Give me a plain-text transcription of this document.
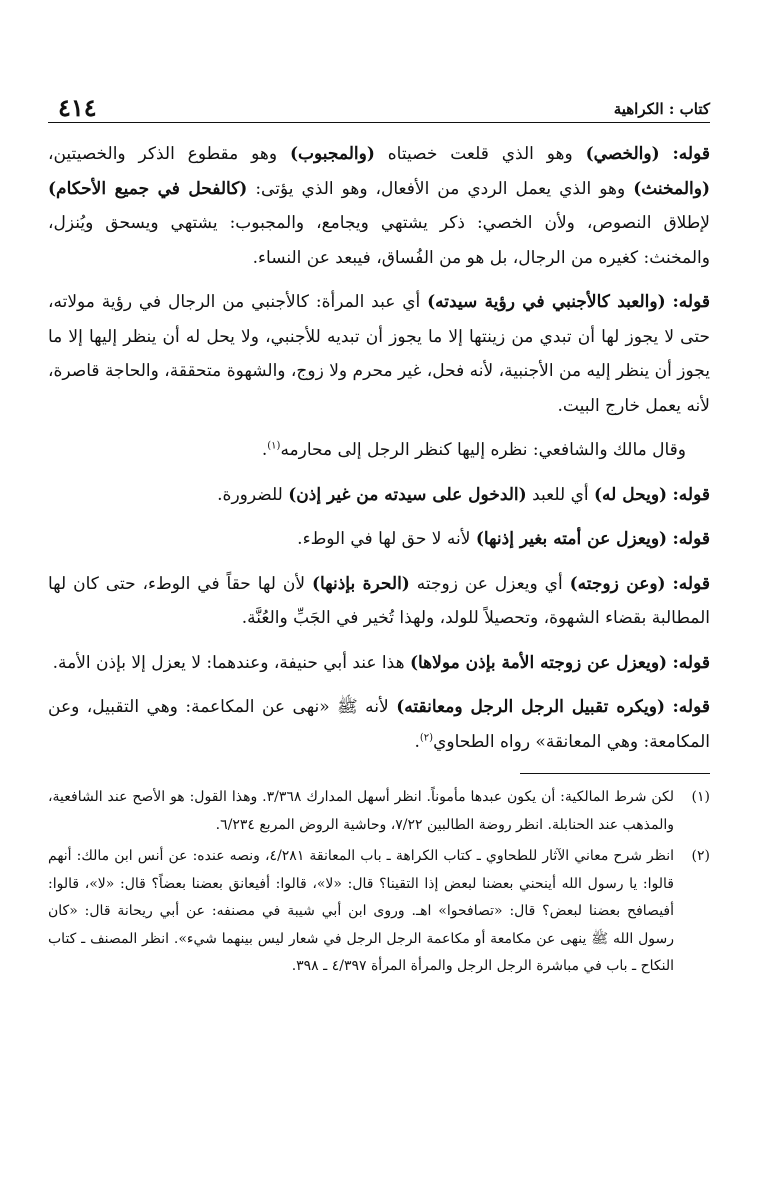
كتاب : الكراهية
٤١٤

قوله: (والخصي) وهو الذي قلعت خصيتاه (والمجبوب) وهو مقطوع الذكر والخصيتين، (والمخنث) وهو الذي يعمل الردي من الأفعال، وهو الذي يؤتى: (كالفحل في جميع الأحكام) لإطلاق النصوص، ولأن الخصي: ذكر يشتهي ويجامع، والمجبوب: يشتهي ويسحق ويُنزل، والمخنث: كغيره من الرجال، بل هو من الفُساق، فيبعد عن النساء.

قوله: (والعبد كالأجنبي في رؤية سيدته) أي عبد المرأة: كالأجنبي من الرجال في رؤية مولاته، حتى لا يجوز لها أن تبدي من زينتها إلا ما يجوز أن تبديه للأجنبي، ولا يحل له أن ينظر إليها إلا ما يجوز أن ينظر إليه من الأجنبية، لأنه فحل، غير محرم ولا زوج، والشهوة متحققة، والحاجة قاصرة، لأنه يعمل خارج البيت.

وقال مالك والشافعي: نظره إليها كنظر الرجل إلى محارمه$^{(١)}$.

قوله: (ويحل له) أي للعبد (الدخول على سيدته من غير إذن) للضرورة.

قوله: (ويعزل عن أمته بغير إذنها) لأنه لا حق لها في الوطء.

قوله: (وعن زوجته) أي ويعزل عن زوجته (الحرة بإذنها) لأن لها حقاً في الوطء، حتى كان لها المطالبة بقضاء الشهوة، وتحصيلاً للولد، ولهذا تُخير في الجَبِّ والعُنَّة.

قوله: (ويعزل عن زوجته الأمة بإذن مولاها) هذا عند أبي حنيفة، وعندهما: لا يعزل إلا بإذن الأمة.

قوله: (ويكره تقبيل الرجل الرجل ومعانقته) لأنه ﷺ «نهى عن المكاعمة: وهي التقبيل، وعن المكامعة: وهي المعانقة» رواه الطحاوي$^{(٢)}$.

(١)
لكن شرط المالكية: أن يكون عبدها مأموناً. انظر أسهل المدارك ٣/٣٦٨. وهذا القول: هو الأصح عند الشافعية، والمذهب عند الحنابلة. انظر روضة الطالبين ٧/٢٢، وحاشية الروض المربع ٦/٢٣٤.
(٢)
انظر شرح معاني الآثار للطحاوي ـ كتاب الكراهة ـ باب المعانقة ٤/٢٨١، ونصه عنده: عن أنس ابن مالك: أنهم قالوا: يا رسول الله أينحني بعضنا لبعض إذا التقينا؟ قال: «لا»، قالوا: أفيعانق بعضنا بعضاً؟ قال: «لا»، قالوا: أفيصافح بعضنا لبعض؟ قال: «تصافحوا» اهـ. وروى ابن أبي شيبة في مصنفه: عن أبي ريحانة قال: «كان رسول الله ﷺ ينهى عن مكامعة أو مكاعمة الرجل الرجل في شعار ليس بينهما شيء». انظر المصنف ـ كتاب النكاح ـ باب في مباشرة الرجل الرجل والمرأة المرأة ٤/٣٩٧ ـ ٣٩٨.
